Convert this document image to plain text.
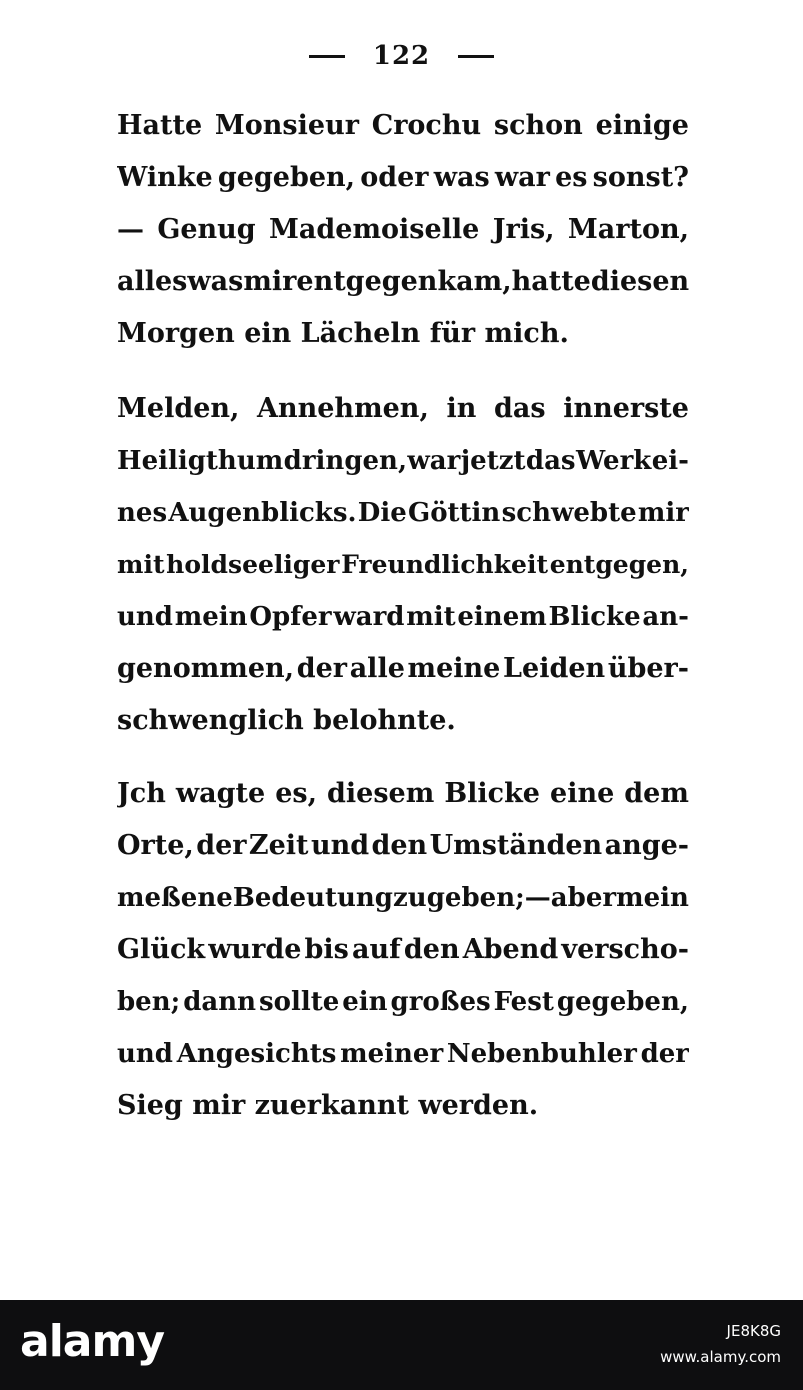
122
Hatte Monsieur Crochu schon einige
Winke gegeben, oder was war es sonst?
— Genug Mademoiselle Jris, Marton,
alles was mir entgegen kam, hatte diesen
Morgen ein Lächeln für mich.
Melden, Annehmen, in das innerste
Heiligthum dringen, war jetzt das Werk ei-
nes Augenblicks. Die Göttin schwebte mir
mit holdseeliger Freundlichkeit entgegen,
und mein Opfer ward mit einem Blicke an-
genommen, der alle meine Leiden über-
schwenglich belohnte.
Jch wagte es, diesem Blicke eine dem
Orte, der Zeit und den Umständen ange-
meßene Bedeutung zu geben; — aber mein
Glück wurde bis auf den Abend verscho-
ben; dann sollte ein großes Fest gegeben,
und Angesichts meiner Nebenbuhler der
Sieg mir zuerkannt werden.
alamy	JE8K8G
www.alamy.com
